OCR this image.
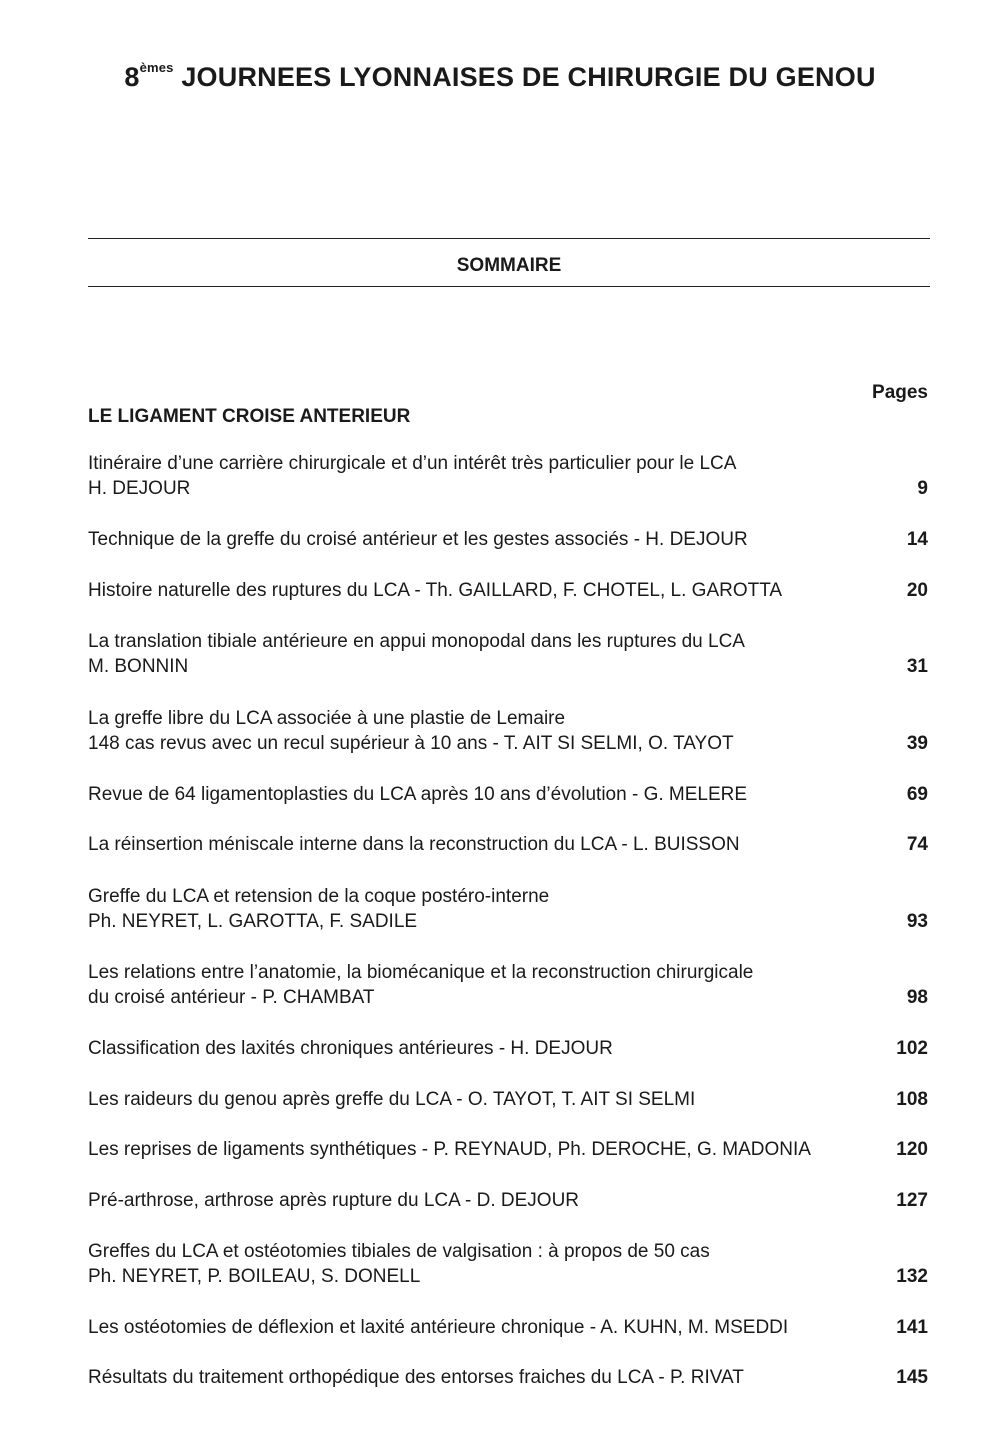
8èmes JOURNEES LYONNAISES DE CHIRURGIE DU GENOU
SOMMAIRE
Pages
LE LIGAMENT CROISE ANTERIEUR
Itinéraire d’une carrière chirurgicale et d’un intérêt très particulier pour le LCA
H. DEJOUR	9
Technique de la greffe du croisé antérieur et les gestes associés - H. DEJOUR	14
Histoire naturelle des ruptures du LCA - Th. GAILLARD, F. CHOTEL, L. GAROTTA	20
La translation tibiale antérieure en appui monopodal dans les ruptures du LCA
M. BONNIN	31
La greffe libre du LCA associée à une plastie de Lemaire
148 cas revus avec un recul supérieur à 10 ans - T. AIT SI SELMI, O. TAYOT	39
Revue de 64 ligamentoplasties du LCA après 10 ans d’évolution - G. MELERE	69
La réinsertion méniscale interne dans la reconstruction du LCA - L. BUISSON	74
Greffe du LCA et retension de la coque postéro-interne
Ph. NEYRET, L. GAROTTA, F. SADILE	93
Les relations entre l’anatomie, la biomécanique et la reconstruction chirurgicale
du croisé antérieur - P. CHAMBAT	98
Classification des laxités chroniques antérieures - H. DEJOUR	102
Les raideurs du genou après greffe du LCA - O. TAYOT, T. AIT SI SELMI	108
Les reprises de ligaments synthétiques - P. REYNAUD, Ph. DEROCHE, G. MADONIA	120
Pré-arthrose, arthrose après rupture du LCA - D. DEJOUR	127
Greffes du LCA et ostéotomies tibiales de valgisation : à propos de 50 cas
Ph. NEYRET, P. BOILEAU, S. DONELL	132
Les ostéotomies de déflexion et laxité antérieure chronique - A. KUHN, M. MSEDDI	141
Résultats du traitement orthopédique des entorses fraiches du LCA - P. RIVAT	145
